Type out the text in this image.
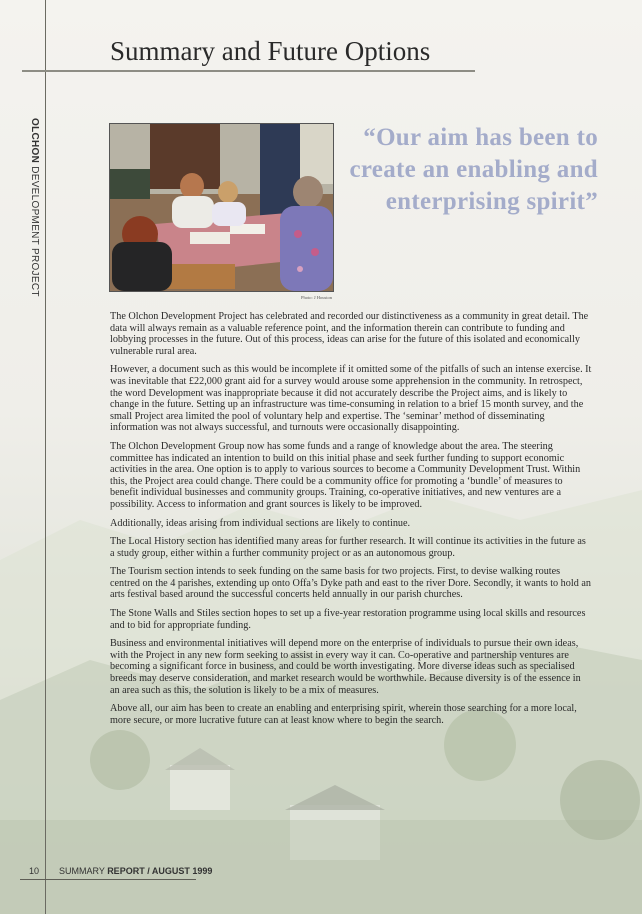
Summary and Future Options
OLCHON DEVELOPMENT PROJECT
Photo: J Houston

“Our aim has been to create an enabling and enterprising spirit”

The Olchon Development Project has celebrated and recorded our distinctiveness as a community in great detail. The data will always remain as a valuable reference point, and the information therein can contribute to funding and lobbying processes in the future. Out of this process, ideas can arise for the future of this isolated and economically vulnerable rural area.

However, a document such as this would be incomplete if it omitted some of the pitfalls of such an intense exercise. It was inevitable that £22,000 grant aid for a survey would arouse some apprehension in the community. In retrospect, the word Development was inappropriate because it did not accurately describe the Project aims, and is likely to change in the future. Setting up an infrastructure was time-consuming in relation to a brief 15 month survey, and the small Project area limited the pool of voluntary help and expertise. The ‘seminar’ method of disseminating information was not always successful, and turnouts were occasionally disappointing.

The Olchon Development Group now has some funds and a range of knowledge about the area. The steering committee has indicated an intention to build on this initial phase and seek further funding to support economic activities in the area. One option is to apply to various sources to become a Community Development Trust. Within this, the Project area could change. There could be a community office for promoting a ‘bundle’ of measures to benefit individual businesses and community groups. Training, co-operative initiatives, and new ventures are a possibility. Access to information and grant sources is likely to be improved.

Additionally, ideas arising from individual sections are likely to continue.

The Local History section has identified many areas for further research. It will continue its activities in the future as a study group, either within a further community project or as an autonomous group.

The Tourism section intends to seek funding on the same basis for two projects. First, to devise walking routes centred on the 4 parishes, extending up onto Offa’s Dyke path and east to the river Dore. Secondly, it wants to hold an arts festival based around the successful concerts held annually in our parish churches.

The Stone Walls and Stiles section hopes to set up a five-year restoration programme using local skills and resources and to bid for appropriate funding.

Business and environmental initiatives will depend more on the enterprise of individuals to pursue their own ideas, with the Project in any new form seeking to assist in every way it can. Co-operative and partnership ventures are becoming a significant force in business, and could be worth investigating. More diverse ideas such as specialised breeds may deserve consideration, and market research would be worthwhile. Because diversity is of the essence in an area such as this, the solution is likely to be a mix of measures.

Above all, our aim has been to create an enabling and enterprising spirit, wherein those searching for a more local, more secure, or more lucrative future can at least know where to begin the search.

10 SUMMARY REPORT / AUGUST 1999
